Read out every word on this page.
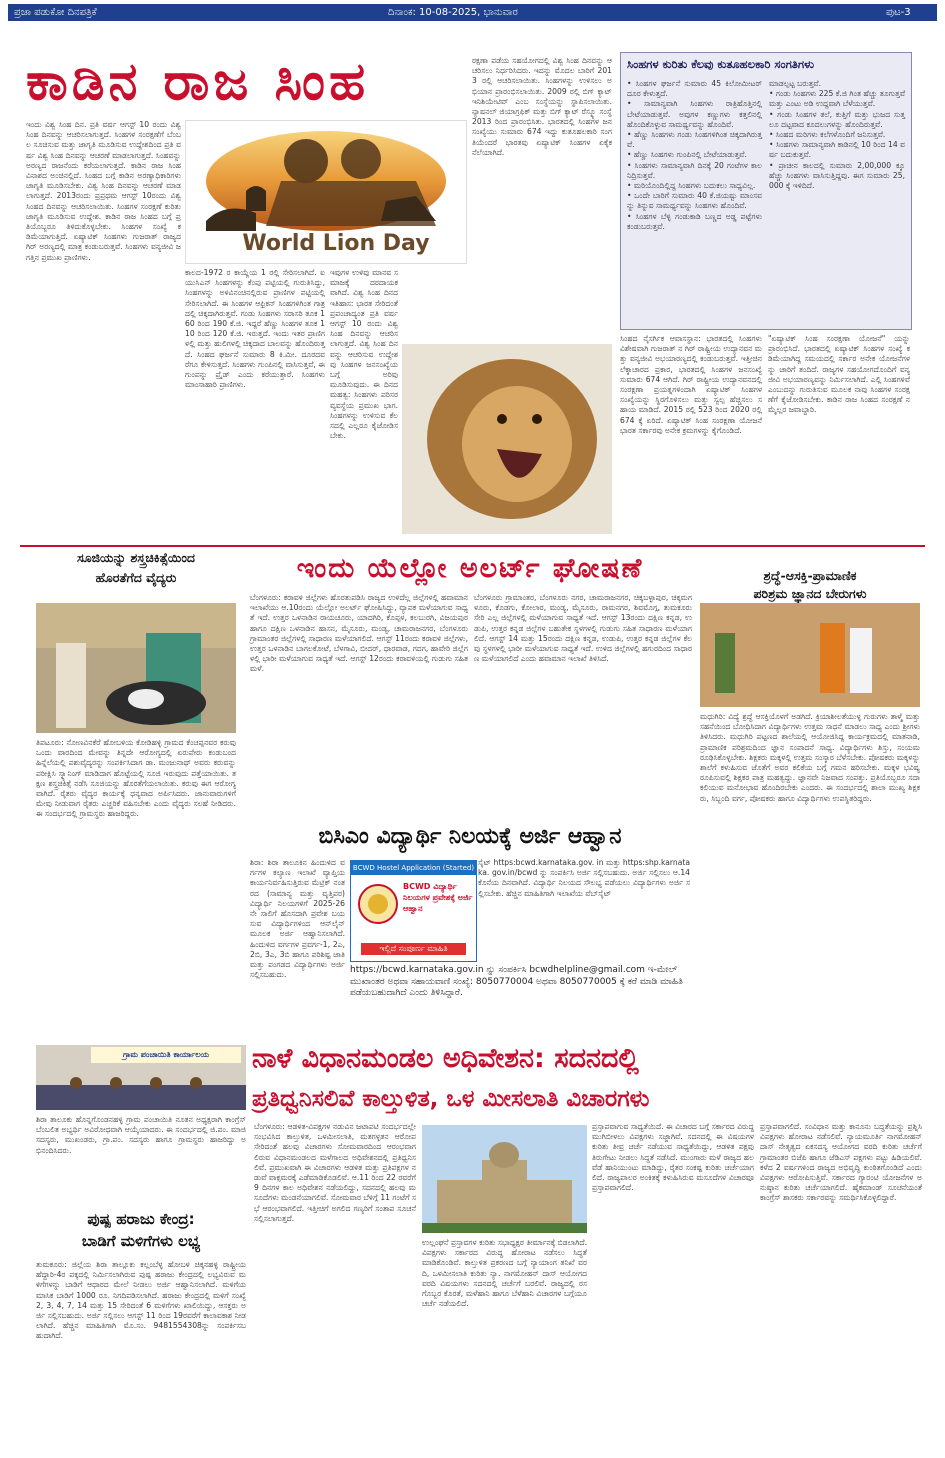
ಪ್ರಜಾ ಪಡುಕೋ ದಿನಪತ್ರಿಕೆ	ದಿನಾಂಕ: 10-08-2025, ಭಾನುವಾರ	ಪುಟ-3
ಕಾಡಿನ ರಾಜ ಸಿಂಹ
World Lion Day
ಇಂದು ವಿಶ್ವ ಸಿಂಹ ದಿನ. ಪ್ರತಿ ವರ್ಷ ಆಗಸ್ಟ್ 10 ರಂದು ವಿಶ್ವ ಸಿಂಹ ದಿನವನ್ನು ಆಚರಿಸಲಾಗುತ್ತದೆ. ಸಿಂಹಗಳ ಸಂರಕ್ಷಣೆಗೆ ಬೆಂಬಲ ಸೂಚಿಸುವ ಮತ್ತು ಜಾಗೃತಿ ಮೂಡಿಸುವ ಉದ್ದೇಶದಿಂದ ಪ್ರತಿ ವರ್ಷ ವಿಶ್ವ ಸಿಂಹ ದಿನವನ್ನು ಆಚರಣೆ ಮಾಡಲಾಗುತ್ತದೆ. ಸಿಂಹವನ್ನು ಅರಣ್ಯದ ರಾಜನೆಂದು ಕರೆಯಲಾಗುತ್ತದೆ. ಕಾಡಿನ ರಾಜ ಸಿಂಹ ವಿನಾಶದ ಅಂಚಿನಲ್ಲಿದೆ. ಸಿಂಹದ ಬಗ್ಗೆ ಕಾಡಿನ ಅರಣ್ಯಾಧಿಕಾರಿಗಳು ಜಾಗೃತಿ ಮೂಡಿಸಬೇಕು. ವಿಶ್ವ ಸಿಂಹ ದಿನವನ್ನು ಆಚರಣೆ ಮಾಡಲಾಗುತ್ತದೆ. 2013ರಂದು ಪ್ರಪ್ರಥಮ ಆಗಸ್ಟ್ 10ರಂದು ವಿಶ್ವ ಸಿಂಹದ ದಿನವನ್ನು ಆಚರಿಸಲಾಯಿತು. ಸಿಂಹಗಳ ಸಂರಕ್ಷಣೆ ಕುರಿತು ಜಾಗೃತಿ ಮೂಡಿಸುವ ಉದ್ದೇಶ. ಕಾಡಿನ ರಾಜ ಸಿಂಹದ ಬಗ್ಗೆ ಪ್ರತಿಯೊಬ್ಬರೂ ತಿಳಿದುಕೊಳ್ಳಬೇಕು. ಸಿಂಹಗಳ ಸಂಖ್ಯೆ ಕಡಿಮೆಯಾಗುತ್ತಿದೆ. ಏಷ್ಯಾಟಿಕ್ ಸಿಂಹಗಳು ಗುಜರಾತ್ ರಾಜ್ಯದ ಗಿರ್ ಅರಣ್ಯದಲ್ಲಿ ಮಾತ್ರ ಕಂಡುಬರುತ್ತವೆ. ಸಿಂಹಗಳು ವನ್ಯಜೀವಿ ಜಗತ್ತಿನ ಪ್ರಮುಖ ಪ್ರಾಣಿಗಳು.
ಕಾಲದ-1972 ರ ಕಾಯ್ದೆಯ 1 ರಲ್ಲಿ ಸೇರಿಸಲಾಗಿದೆ. ಐಯುಸಿಎನ್ ಸಿಂಹಗಳನ್ನು ಕೆಂಪು ಪಟ್ಟಿಯಲ್ಲಿ ಗುರುತಿಸಿದ್ದು, ಸಿಂಹಗಳನ್ನು ಅಳಿವಿನಂಚಿನಲ್ಲಿರುವ ಪ್ರಾಣಿಗಳ ಪಟ್ಟಿಯಲ್ಲಿ ಸೇರಿಸಲಾಗಿದೆ. ಈ ಸಿಂಹಗಳ ಆಫ್ರಿಕನ್ ಸಿಂಹಗಳಿಗಿಂತ ಗಾತ್ರದಲ್ಲಿ ಚಿಕ್ಕದಾಗಿರುತ್ತವೆ. ಗಂಡು ಸಿಂಹಗಳು ಸರಾಸರಿ ತೂಕ 160 ರಿಂದ 190 ಕೆ.ಜಿ. ಇದ್ದರೆ ಹೆಣ್ಣು ಸಿಂಹಗಳ ತೂಕ 110 ರಿಂದ 120 ಕೆ.ಜಿ. ಇರುತ್ತದೆ. ಇಂದು ಇತರ ಪ್ರಾಣಿಗಳಲ್ಲಿ ಮತ್ತು ಹುಲಿಗಳಲ್ಲಿ ಚಿಕ್ಕದಾದ ಬಾಲವನ್ನು ಹೊಂದಿರುತ್ತದೆ. ಸಿಂಹದ ಘರ್ಜನೆ ಸುಮಾರು 8 ಕಿ.ಮೀ. ದೂರದವರೆಗೂ ಕೇಳಿಸುತ್ತದೆ. ಸಿಂಹಗಳು ಗುಂಪಿನಲ್ಲಿ ವಾಸಿಸುತ್ತವೆ, ಈ ಗುಂಪನ್ನು ಪ್ರೈಡ್ ಎಂದು ಕರೆಯುತ್ತಾರೆ. ಸಿಂಹಗಳು ಮಾಂಸಾಹಾರಿ ಪ್ರಾಣಿಗಳು.
ಇವುಗಳ ಉಳಿವು ಮಾನವ ಸಮಾಜಕ್ಕೆ ದರದಾಯಕವಾಗಿದೆ. ವಿಶ್ವ ಸಿಂಹ ದಿನದ ಇತಿಹಾಸ: ಭಾರತ ಸೇರಿದಂತೆ ಪ್ರಪಂಚಾದ್ಯಂತ ಪ್ರತಿ ವರ್ಷ ಆಗಸ್ಟ್ 10 ರಂದು ವಿಶ್ವ ಸಿಂಹ ದಿನವನ್ನು ಆಚರಿಸಲಾಗುತ್ತದೆ. ವಿಶ್ವ ಸಿಂಹ ದಿನವನ್ನು ಆಚರಿಸುವ ಉದ್ದೇಶವು ಸಿಂಹಗಳ ಜನಸಂಖ್ಯೆಯ ಬಗ್ಗೆ ಅರಿವು ಮೂಡಿಸುವುದು. ಈ ದಿನದ ಮಹತ್ವ: ಸಿಂಹಗಳು ಪರಿಸರ ವ್ಯವಸ್ಥೆಯ ಪ್ರಮುಖ ಭಾಗ. ಸಿಂಹಗಳನ್ನು ಉಳಿಸುವ ಕೆಲಸದಲ್ಲಿ ಎಲ್ಲರೂ ಕೈಜೋಡಿಸಬೇಕು.
ರಕ್ಷಣಾ ಪಡೆಯ ಸಹಯೋಗದಲ್ಲಿ ವಿಶ್ವ ಸಿಂಹ ದಿನವನ್ನು ಆಚರಿಸಲು ನಿರ್ಧರಿಸಿದರು. ಇದನ್ನು ಮೊದಲ ಬಾರಿಗೆ 2013 ರಲ್ಲಿ ಆಚರಿಸಲಾಯಿತು. ಸಿಂಹಗಳನ್ನು ಉಳಿಸಲು ಅಭಿಯಾನ ಪ್ರಾರಂಭಿಸಲಾಯಿತು. 2009 ರಲ್ಲಿ ಬಿಗ್ ಕ್ಯಾಟ್ ಇನಿಶಿಯೇಟಿವ್ ಎಂಬ ಸಂಸ್ಥೆಯನ್ನು ಸ್ಥಾಪಿಸಲಾಯಿತು. ನ್ಯಾಷನಲ್ ಜಿಯಾಗ್ರಫಿಕ್ ಮತ್ತು ಬಿಗ್ ಕ್ಯಾಟ್ ರೆಸ್ಕ್ಯೂ ಸಂಸ್ಥೆ 2013 ರಿಂದ ಪ್ರಾರಂಭಿಸಿತು. ಭಾರತದಲ್ಲಿ ಸಿಂಹಗಳ ಜನಸಂಖ್ಯೆಯು ಸುಮಾರು 674 ಇದ್ದು ಕುತೂಹಲಕಾರಿ ಸಂಗತಿಯೆಂದರೆ ಭಾರತವು ಏಷ್ಯಾಟಿಕ್ ಸಿಂಹಗಳ ಏಕೈಕ ನೆಲೆಯಾಗಿದೆ.
ಸಿಂಹಗಳ ಕುರಿತು ಕೆಲವು ಕುತೂಹಲಕಾರಿ ಸಂಗತಿಗಳು
• ಸಿಂಹಗಳ ಘರ್ಜನೆ ಸುಮಾರು 45 ಕಿಲೋಮೀಟರ್ ದೂರ ಕೇಳುತ್ತದೆ.
• ಸಾಮಾನ್ಯವಾಗಿ ಸಿಂಹಗಳು ರಾತ್ರಿಹೊತ್ತಿನಲ್ಲಿ ಬೇಟೆಯಾಡುತ್ತವೆ. ಅವುಗಳ ಕಣ್ಣುಗಳು ಕತ್ತಲಿನಲ್ಲಿ ಹೊಂದಿಕೊಳ್ಳುವ ಸಾಮರ್ಥ್ಯವನ್ನು ಹೊಂದಿವೆ.
• ಹೆಣ್ಣು ಸಿಂಹಗಳು ಗಂಡು ಸಿಂಹಗಳಿಗಿಂತ ಚಿಕ್ಕದಾಗಿರುತ್ತವೆ.
• ಹೆಣ್ಣು ಸಿಂಹಗಳು ಗುಂಪಿನಲ್ಲಿ ಬೇಟೆಯಾಡುತ್ತವೆ.
• ಸಿಂಹಗಳು ಸಾಮಾನ್ಯವಾಗಿ ದಿನಕ್ಕೆ 20 ಗಂಟೆಗಳ ಕಾಲ ನಿದ್ರಿಸುತ್ತವೆ.
• ಮರಿಯೊಂದಿಲ್ಲಿದ್ದ ಸಿಂಹಗಳು ಬದುಕಲು ಸಾಧ್ಯವಿಲ್ಲ.
• ಒಂದೇ ಬಾರಿಗೆ ಸುಮಾರು 40 ಕೆ.ಜಿಯಷ್ಟು ಮಾಂಸವನ್ನು ತಿನ್ನುವ ಸಾಮರ್ಥ್ಯವನ್ನು ಸಿಂಹಗಳು ಹೊಂದಿವೆ.
• ಸಿಂಹಗಳ ಬೆಳ್ಳಿ ಗಂಡುಕಾಡಿ ಬಣ್ಣದ ಅಡ್ಡ ಪಟ್ಟೆಗಳು ಕಂಡುಬರುತ್ತವೆ.
ಮಾಡಲ್ಪಟ್ಟ ಬರುತ್ತವೆ.
• ಗಂಡು ಸಿಂಹಗಳು 225 ಕೆ.ಜಿ ಗಿಂತ ಹೆಚ್ಚು ತೂಗುತ್ತವೆ ಮತ್ತು ಎಂಟು ಅಡಿ ಉದ್ದವಾಗಿ ಬೆಳೆಯುತ್ತವೆ.
• ಗಂಡು ಸಿಂಹಗಳ ತಲೆ, ಕುತ್ತಿಗೆ ಮತ್ತು ಭುಜದ ಸುತ್ತಲೂ ದಟ್ಟವಾದ ಕೂದಲುಗಳನ್ನು ಹೊಂದಿರುತ್ತವೆ.
• ಸಿಂಹದ ಮರಿಗಳು ಕಲೆಗಳೊಂದಿಗೆ ಜನಿಸುತ್ತವೆ.
• ಸಿಂಹಗಳು ಸಾಮಾನ್ಯವಾಗಿ ಕಾಡಿನಲ್ಲಿ 10 ರಿಂದ 14 ವರ್ಷ ಬದುಕುತ್ತವೆ.
• ಪ್ರಾಚೀನ ಕಾಲದಲ್ಲಿ ಸುಮಾರು 2,00,000 ಕ್ಕೂ ಹೆಚ್ಚು ಸಿಂಹಗಳು ವಾಸಿಸುತ್ತಿದ್ದವು. ಈಗ ಸುಮಾರು 25,000 ಕ್ಕೆ ಇಳಿದಿದೆ.
ಸಿಂಹದ ನೈಸರ್ಗಿಕ ಆವಾಸಸ್ಥಾನ: ಭಾರತದಲ್ಲಿ ಸಿಂಹಗಳು ವಿಶೇಷವಾಗಿ ಗುಜರಾತ್ ನ ಗಿರ್ ರಾಷ್ಟ್ರೀಯ ಉದ್ಯಾನವನ ಮತ್ತು ವನ್ಯಜೀವಿ ಅಭಯಾರಣ್ಯದಲ್ಲಿ ಕಂಡುಬರುತ್ತವೆ. ಇತ್ತೀಚಿನ ಲೆಕ್ಕಾಚಾರದ ಪ್ರಕಾರ, ಭಾರತದಲ್ಲಿ ಸಿಂಹಗಳ ಜನಸಂಖ್ಯೆ ಸುಮಾರು 674 ಆಗಿದೆ. ಗಿರ್ ರಾಷ್ಟ್ರೀಯ ಉದ್ಯಾನವನದಲ್ಲಿ ಸಂರಕ್ಷಣಾ ಪ್ರಯತ್ನಗಳಿಂದಾಗಿ ಏಷ್ಯಾಟಿಕ್ ಸಿಂಹಗಳ ಸಂಖ್ಯೆಯನ್ನು ಸ್ಥಿರಗೊಳಿಸಲು ಮತ್ತು ಸ್ವಲ್ಪ ಹೆಚ್ಚಿಸಲು ಸಹಾಯ ಮಾಡಿದೆ. 2015 ರಲ್ಲಿ 523 ರಿಂದ 2020 ರಲ್ಲಿ 674 ಕ್ಕೆ ಏರಿದೆ. ಏಷ್ಯಾಟಿಕ್ ಸಿಂಹ ಸಂರಕ್ಷಣಾ ಯೋಜನೆ ಭಾರತ ಸರ್ಕಾರವು ಅನೇಕ ಕ್ರಮಗಳನ್ನು ಕೈಗೊಂಡಿದೆ.
"ಏಷ್ಯಾಟಿಕ್ ಸಿಂಹ ಸಂರಕ್ಷಣಾ ಯೋಜನೆ" ಯನ್ನು ಪ್ರಾರಂಭಿಸಿದೆ. ಭಾರತದಲ್ಲಿ ಏಷ್ಯಾಟಿಕ್ ಸಿಂಹಗಳ ಸಂಖ್ಯೆ ಕಡಿಮೆಯಾಗಿದ್ದ ಸಮಯದಲ್ಲಿ ಸರ್ಕಾರ ಅನೇಕ ಯೋಜನೆಗಳನ್ನು ಜಾರಿಗೆ ತಂದಿದೆ. ರಾಜ್ಯಗಳ ಸಹಯೋಗದೊಂದಿಗೆ ವನ್ಯಜೀವಿ ಅಭಯಾರಣ್ಯವನ್ನು ನಿರ್ಮಿಸಲಾಗಿದೆ. ಎಲ್ಲಿ ಸಿಂಹಗಳಿವೆ ಎಂಬುದನ್ನು ಗುರುತಿಸುವ ಮೂಲಕ ನಾವು ಸಿಂಹಗಳ ಸಂರಕ್ಷಣೆಗೆ ಕೈಜೋಡಿಸಬೇಕು. ಕಾಡಿನ ರಾಜ ಸಿಂಹದ ಸಂರಕ್ಷಣೆ ನಮ್ಮೆಲ್ಲರ ಜವಾಬ್ದಾರಿ.
ಸೂಜಿಯನ್ನು ಶಸ್ತ್ರಚಿಕಿತ್ಸೆಯಿಂದ
ಹೊರತೆಗೆದ ವೈದ್ಯರು
ತಿಪಟೂರು: ನೋಣವಿನಕೆರೆ ಹೋಬಳಿಯ ಕೋಡಿಹಳ್ಳಿ ಗ್ರಾಮದ ಕೆಂಚಪ್ಪನವರ ಕರುವು ಒಂದು ವಾರದಿಂದ ಮೇವನ್ನು ತಿನ್ನದೇ ಆರೋಗ್ಯದಲ್ಲಿ ಏರುಪೇರು ಕಂಡುಬಂದ ಹಿನ್ನೆಲೆಯಲ್ಲಿ ಪಶುವೈದ್ಯರನ್ನು ಸಂಪರ್ಕಿಸಿದಾಗ ಡಾ. ಮಂಜುನಾಥ್ ಅವರು ಕರುವನ್ನು ಪರೀಕ್ಷಿಸಿ ಸ್ಕ್ಯಾನಿಂಗ್ ಮಾಡಿದಾಗ ಹೊಟ್ಟೆಯಲ್ಲಿ ಸೂಜಿ ಇರುವುದು ಪತ್ತೆಯಾಯಿತು. ತಕ್ಷಣ ಶಸ್ತ್ರಚಿಕಿತ್ಸೆ ನಡೆಸಿ ಸೂಜಿಯನ್ನು ಹೊರತೆಗೆಯಲಾಯಿತು. ಕರುವು ಈಗ ಆರೋಗ್ಯವಾಗಿದೆ. ರೈತರು ವೈದ್ಯರ ಕಾರ್ಯಕ್ಕೆ ಧನ್ಯವಾದ ಅರ್ಪಿಸಿದರು. ಜಾನುವಾರುಗಳಿಗೆ ಮೇವು ನೀಡುವಾಗ ರೈತರು ಎಚ್ಚರಿಕೆ ವಹಿಸಬೇಕು ಎಂದು ವೈದ್ಯರು ಸಲಹೆ ನೀಡಿದರು. ಈ ಸಂದರ್ಭದಲ್ಲಿ ಗ್ರಾಮಸ್ಥರು ಹಾಜರಿದ್ದರು.
ಇಂದು ಯೆಲ್ಲೋ ಅಲರ್ಟ್ ಘೋಷಣೆ
ಬೆಂಗಳೂರು: ಕರಾವಳಿ ಜಿಲ್ಲೆಗಳು ಹೊರತುಪಡಿಸಿ ರಾಜ್ಯದ ಉಳಿದೆಲ್ಲ ಜಿಲ್ಲೆಗಳಲ್ಲಿ ಹವಾಮಾನ ಇಲಾಖೆಯು ಆ.10ರಂದು ಯೆಲ್ಲೋ ಅಲರ್ಟ್ ಘೋಷಿಸಿದ್ದು, ವ್ಯಾಪಕ ಮಳೆಯಾಗುವ ಸಾಧ್ಯತೆ ಇದೆ. ಉತ್ತರ ಒಳನಾಡಿನ ರಾಯಚೂರು, ಯಾದಗಿರಿ, ಕೊಪ್ಪಳ, ಕಲಬುರಗಿ, ವಿಜಯಪುರ ಹಾಗೂ ದಕ್ಷಿಣ ಒಳನಾಡಿನ ಹಾಸನ, ಮೈಸೂರು, ಮಂಡ್ಯ, ಚಾಮರಾಜನಗರ, ಬೆಂಗಳೂರು ಗ್ರಾಮಾಂತರ ಜಿಲ್ಲೆಗಳಲ್ಲಿ ಸಾಧಾರಣ ಮಳೆಯಾಗಲಿದೆ. ಆಗಸ್ಟ್ 11ರಂದು ಕರಾವಳಿ ಜಿಲ್ಲೆಗಳು, ಉತ್ತರ ಒಳನಾಡಿನ ಬಾಗಲಕೋಟೆ, ಬೆಳಗಾವಿ, ಬೀದರ್, ಧಾರವಾಡ, ಗದಗ, ಹಾವೇರಿ ಜಿಲ್ಲೆಗಳಲ್ಲಿ ಭಾರೀ ಮಳೆಯಾಗುವ ಸಾಧ್ಯತೆ ಇದೆ. ಆಗಸ್ಟ್ 12ರಂದು ಕರಾವಳಿಯಲ್ಲಿ ಗುಡುಗು ಸಹಿತ ಮಳೆ.
ಬೆಂಗಳೂರು ಗ್ರಾಮಾಂತರ, ಬೆಂಗಳೂರು ನಗರ, ಚಾಮರಾಜನಗರ, ಚಿಕ್ಕಬಳ್ಳಾಪುರ, ಚಿಕ್ಕಮಗಳೂರು, ಕೊಡಗು, ಕೋಲಾರ, ಮಂಡ್ಯ, ಮೈಸೂರು, ರಾಮನಗರ, ಶಿವಮೊಗ್ಗ, ತುಮಕೂರು ಸೇರಿ ಎಲ್ಲ ಜಿಲ್ಲೆಗಳಲ್ಲಿ ಮಳೆಯಾಗುವ ಸಾಧ್ಯತೆ ಇದೆ. ಆಗಸ್ಟ್ 13ರಂದು ದಕ್ಷಿಣ ಕನ್ನಡ, ಉಡುಪಿ, ಉತ್ತರ ಕನ್ನಡ ಜಿಲ್ಲೆಗಳ ಬಹುತೇಕ ಸ್ಥಳಗಳಲ್ಲಿ ಗುಡುಗು ಸಹಿತ ಸಾಧಾರಣ ಮಳೆಯಾಗಲಿದೆ. ಆಗಸ್ಟ್ 14 ಮತ್ತು 15ರಂದು ದಕ್ಷಿಣ ಕನ್ನಡ, ಉಡುಪಿ, ಉತ್ತರ ಕನ್ನಡ ಜಿಲ್ಲೆಗಳ ಕೆಲವು ಸ್ಥಳಗಳಲ್ಲಿ ಭಾರೀ ಮಳೆಯಾಗುವ ಸಾಧ್ಯತೆ ಇದೆ. ಉಳಿದ ಜಿಲ್ಲೆಗಳಲ್ಲಿ ಹಗುರದಿಂದ ಸಾಧಾರಣ ಮಳೆಯಾಗಲಿದೆ ಎಂದು ಹವಾಮಾನ ಇಲಾಖೆ ತಿಳಿಸಿದೆ.
ಬಿಸಿಎಂ ವಿದ್ಯಾರ್ಥಿ ನಿಲಯಕ್ಕೆ ಅರ್ಜಿ ಆಹ್ವಾನ
ಶಿರಾ: ಶಿರಾ ತಾಲೂಕಿನ ಹಿಂದುಳಿದ ವರ್ಗಗಳ ಕಲ್ಯಾಣ ಇಲಾಖೆ ವ್ಯಾಪ್ತಿಯ ಕಾರ್ಯನಿರ್ವಹಿಸುತ್ತಿರುವ ಮೆಟ್ರಿಕ್ ನಂತರದ (ಸಾಮಾನ್ಯ ಮತ್ತು ವೃತ್ತಿಪರ) ವಿದ್ಯಾರ್ಥಿ ನಿಲಯಗಳಿಗೆ 2025-26ನೇ ಸಾಲಿಗೆ ಹೊಸದಾಗಿ ಪ್ರವೇಶ ಬಯಸುವ ವಿದ್ಯಾರ್ಥಿಗಳಿಂದ ಆನ್‌ಲೈನ್ ಮೂಲಕ ಅರ್ಜಿ ಆಹ್ವಾನಿಸಲಾಗಿದೆ. ಹಿಂದುಳಿದ ವರ್ಗಗಳ ಪ್ರವರ್ಗ-1, 2ಎ, 2ಬಿ, 3ಎ, 3ಬಿ ಹಾಗೂ ಪರಿಶಿಷ್ಟ ಜಾತಿ ಮತ್ತು ಪಂಗಡದ ವಿದ್ಯಾರ್ಥಿಗಳು ಅರ್ಜಿ ಸಲ್ಲಿಸಬಹುದು.
BCWD Hostel Application (Started)
BCWD ವಿದ್ಯಾರ್ಥಿ ನಿಲಯಗಳ ಪ್ರವೇಶಕ್ಕೆ ಅರ್ಜಿ ಆಹ್ವಾನ
ಇಲ್ಲಿದೆ ಸಂಪೂರ್ಣ ಮಾಹಿತಿ
ಸೈಟ್ https:bcwd.karnataka.gov. in ಮತ್ತು https:shp.karnataka. gov.in/bcwd ನ್ನು ಸಂಪರ್ಕಿಸಿ ಅರ್ಜಿ ಸಲ್ಲಿಸಬಹುದು. ಅರ್ಜಿ ಸಲ್ಲಿಸಲು ಆ.14 ಕೊನೆಯ ದಿನವಾಗಿದೆ. ವಿದ್ಯಾರ್ಥಿ ನಿಲಯದ ಸೌಲಭ್ಯ ಪಡೆಯಲು ವಿದ್ಯಾರ್ಥಿಗಳು ಅರ್ಜಿ ಸಲ್ಲಿಸಬೇಕು. ಹೆಚ್ಚಿನ ಮಾಹಿತಿಗಾಗಿ ಇಲಾಖೆಯ ವೆಬ್‌ಸೈಟ್
https://bcwd.karnataka.gov.in ನ್ನು ಸಂಪರ್ಕಿಸಿ bcwdhelpline@gmail.com ಇ-ಮೇಲ್ ಮುಖಾಂತರ ಅಥವಾ ಸಹಾಯವಾಣಿ ಸಂಖ್ಯೆ: 8050770004 ಅಥವಾ 8050770005 ಕ್ಕೆ ಕರೆ ಮಾಡಿ ಮಾಹಿತಿ ಪಡೆಯಬಹುದಾಗಿದೆ ಎಂದು ತಿಳಿಸಿದ್ದಾರೆ.
ಶ್ರದ್ಧೆ-ಆಸಕ್ತಿ-ಪ್ರಾಮಾಣಿಕ
ಪರಿಶ್ರಮ ಜ್ಞಾನದ ಬೇರುಗಳು
ಮಧುಗಿರಿ: ವಿದ್ಯೆ ಶ್ರದ್ಧೆ ಆಸಕ್ತಿಯೊಳಗೆ ಅಡಗಿದೆ. ಕ್ರಿಯಾಶೀಲತೆಯುಳ್ಳ ಗುರುಗಳು ತಾಳ್ಮೆ ಮತ್ತು ಸಹನೆಯಿಂದ ಬೋಧಿಸಿದಾಗ ವಿದ್ಯಾರ್ಥಿಗಳು ಉತ್ತಮ ಸಾಧನೆ ಮಾಡಲು ಸಾಧ್ಯ ಎಂದು ಶ್ರೀಗಳು ತಿಳಿಸಿದರು. ಮಧುಗಿರಿ ಪಟ್ಟಣದ ಶಾಲೆಯಲ್ಲಿ ಆಯೋಜಿಸಿದ್ದ ಕಾರ್ಯಕ್ರಮದಲ್ಲಿ ಮಾತನಾಡಿ, ಪ್ರಾಮಾಣಿಕ ಪರಿಶ್ರಮದಿಂದ ಜ್ಞಾನ ಸಂಪಾದನೆ ಸಾಧ್ಯ. ವಿದ್ಯಾರ್ಥಿಗಳು ಶಿಸ್ತು, ಸಂಯಮ ರೂಢಿಸಿಕೊಳ್ಳಬೇಕು. ಶಿಕ್ಷಕರು ಮಕ್ಕಳಲ್ಲಿ ಉತ್ತಮ ಸಂಸ್ಕಾರ ಬೆಳೆಸಬೇಕು. ಪೋಷಕರು ಮಕ್ಕಳನ್ನು ಶಾಲೆಗೆ ಕಳುಹಿಸುವ ಜೊತೆಗೆ ಅವರ ಕಲಿಕೆಯ ಬಗ್ಗೆ ಗಮನ ಹರಿಸಬೇಕು. ಮಕ್ಕಳ ಭವಿಷ್ಯ ರೂಪಿಸುವಲ್ಲಿ ಶಿಕ್ಷಕರ ಪಾತ್ರ ಮಹತ್ವದ್ದು. ಜ್ಞಾನವೇ ನಿಜವಾದ ಸಂಪತ್ತು. ಪ್ರತಿಯೊಬ್ಬರೂ ಸದಾ ಕಲಿಯುವ ಮನೋಭಾವ ಹೊಂದಿರಬೇಕು ಎಂದರು. ಈ ಸಂದರ್ಭದಲ್ಲಿ ಶಾಲಾ ಮುಖ್ಯ ಶಿಕ್ಷಕರು, ಸಿಬ್ಬಂದಿ ವರ್ಗ, ಪೋಷಕರು ಹಾಗೂ ವಿದ್ಯಾರ್ಥಿಗಳು ಉಪಸ್ಥಿತರಿದ್ದರು.
ಗ್ರಾಮ ಪಂಚಾಯಿತಿ ಕಾರ್ಯಾಲಯ
ಶಿರಾ ತಾಲೂಕು ಹೊನ್ನಗೊಂಡನಹಳ್ಳಿ ಗ್ರಾಮ ಪಂಚಾಯಿತಿ ನೂತನ ಅಧ್ಯಕ್ಷರಾಗಿ ಕಾಂಗ್ರೆಸ್ ಬೆಂಬಲಿತ ಅಭ್ಯರ್ಥಿ ಅವಿರೋಧವಾಗಿ ಆಯ್ಕೆಯಾದರು. ಈ ಸಂದರ್ಭದಲ್ಲಿ ಜಿ.ಪಂ. ಮಾಜಿ ಸದಸ್ಯರು, ಮುಖಂಡರು, ಗ್ರಾ.ಪಂ. ಸದಸ್ಯರು ಹಾಗೂ ಗ್ರಾಮಸ್ಥರು ಹಾಜರಿದ್ದು ಅಭಿನಂದಿಸಿದರು.
ಪುಷ್ಪ ಹರಾಜು ಕೇಂದ್ರ:
ಬಾಡಿಗೆ ಮಳಿಗೆಗಳು ಲಭ್ಯ
ತುಮಕೂರು: ಜಿಲ್ಲೆಯ ಶಿರಾ ತಾಲ್ಲೂಕು ಕಲ್ಲಂಬೆಳ್ಳ ಹೋಬಳಿ ಚಿಕ್ಕನಹಳ್ಳಿ ರಾಷ್ಟ್ರೀಯ ಹೆದ್ದಾರಿ-4ರ ಪಕ್ಕದಲ್ಲಿ ನಿರ್ಮಿಸಲಾಗಿರುವ ಪುಷ್ಪ ಹರಾಜು ಕೇಂದ್ರದಲ್ಲಿ ಲಭ್ಯವಿರುವ ಮಳಿಗೆಗಳನ್ನು ಬಾಡಿಗೆ ಆಧಾರದ ಮೇಲೆ ನೀಡಲು ಅರ್ಜಿ ಆಹ್ವಾನಿಸಲಾಗಿದೆ. ಮಳಿಗೆಯ ಮಾಸಿಕ ಬಾಡಿಗೆ 1000 ರೂ. ನಿಗದಿಪಡಿಸಲಾಗಿದೆ. ಹರಾಜು ಕೇಂದ್ರದಲ್ಲಿ ಮಳಿಗೆ ಸಂಖ್ಯೆ 2, 3, 4, 7, 14 ಮತ್ತು 15 ಸೇರಿದಂತೆ 6 ಮಳಿಗೆಗಳು ಖಾಲಿಯಿದ್ದು, ಆಸಕ್ತರು ಅರ್ಜಿ ಸಲ್ಲಿಸಬಹುದು. ಅರ್ಜಿ ಸಲ್ಲಿಸಲು ಆಗಸ್ಟ್ 11 ರಿಂದ 19ರವರೆಗೆ ಕಾಲಾವಕಾಶ ನೀಡಲಾಗಿದೆ. ಹೆಚ್ಚಿನ ಮಾಹಿತಿಗಾಗಿ ಮೊ.ಸಂ. 9481554308ನ್ನು ಸಂಪರ್ಕಿಸಬಹುದಾಗಿದೆ.
ನಾಳೆ ವಿಧಾನಮಂಡಲ ಅಧಿವೇಶನ: ಸದನದಲ್ಲಿ
ಪ್ರತಿಧ್ವನಿಸಲಿವೆ ಕಾಲ್ತುಳಿತ, ಒಳ ಮೀಸಲಾತಿ ವಿಚಾರಗಳು
ಬೆಂಗಳೂರು: ಆಡಳಿತ-ವಿಪಕ್ಷಗಳ ನಡುವಿನ ಜಟಾಪಟಿ ಸಂದರ್ಭದಲ್ಲೇ ಸಂಭವಿಸಿದ ಕಾಲ್ತುಳಿತ, ಒಳಮೀಸಲಾತಿ, ಮತಗಳ್ಳತನ ಆರೋಪ ಸೇರಿದಂತೆ ಹಲವು ವಿಚಾರಗಳು ಸೋಮವಾರದಿಂದ ಆರಂಭವಾಗಲಿರುವ ವಿಧಾನಮಂಡಲದ ಮಳೆಗಾಲದ ಅಧಿವೇಶನದಲ್ಲಿ ಪ್ರತಿಧ್ವನಿಸಲಿವೆ. ಪ್ರಮುಖವಾಗಿ ಈ ವಿಚಾರಗಳು ಆಡಳಿತ ಮತ್ತು ಪ್ರತಿಪಕ್ಷಗಳ ನಡುವೆ ವಾಕ್ಸಮರಕ್ಕೆ ಎಡೆಮಾಡಿಕೊಡಲಿವೆ. ಆ.11 ರಿಂದ 22 ರವರೆಗೆ 9 ದಿನಗಳ ಕಾಲ ಅಧಿವೇಶನ ನಡೆಯಲಿದ್ದು, ಸದನದಲ್ಲಿ ಹಲವು ಮಸೂದೆಗಳು ಮಂಡನೆಯಾಗಲಿವೆ. ಸೋಮವಾರ ಬೆಳಿಗ್ಗೆ 11 ಗಂಟೆಗೆ ಸಭೆ ಆರಂಭವಾಗಲಿದೆ. ಇತ್ತೀಚಿಗೆ ಅಗಲಿದ ಗಣ್ಯರಿಗೆ ಸಂತಾಪ ಸೂಚನೆ ಸಲ್ಲಿಸಲಾಗುತ್ತದೆ.
ಉಲ್ಲಂಘನೆ ಪ್ರಸ್ತಾವಗಳ ಕುರಿತು ಸಭಾಧ್ಯಕ್ಷರ ತೀರ್ಮಾನಕ್ಕೆ ಬಿಡಲಾಗಿದೆ. ವಿಪಕ್ಷಗಳು ಸರ್ಕಾರದ ವಿರುದ್ಧ ಹೋರಾಟ ನಡೆಸಲು ಸಿದ್ಧತೆ ಮಾಡಿಕೊಂಡಿವೆ. ಕಾಲ್ತುಳಿತ ಪ್ರಕರಣದ ಬಗ್ಗೆ ನ್ಯಾಯಾಂಗ ತನಿಖೆ ವರದಿ, ಒಳಮೀಸಲಾತಿ ಕುರಿತು ನ್ಯಾ. ನಾಗಮೋಹನ್ ದಾಸ್ ಆಯೋಗದ ವರದಿ ವಿಷಯಗಳು ಸದನದಲ್ಲಿ ಚರ್ಚೆಗೆ ಬರಲಿವೆ. ರಾಜ್ಯದಲ್ಲಿ ರಸಗೊಬ್ಬರ ಕೊರತೆ, ಮಳೆಹಾನಿ ಹಾಗೂ ಬೆಳೆಹಾನಿ ವಿಚಾರಗಳ ಬಗ್ಗೆಯೂ ಚರ್ಚೆ ನಡೆಯಲಿದೆ.
ಪ್ರಸ್ತಾಪವಾಗುವ ಸಾಧ್ಯತೆಯಿದೆ. ಈ ವಿಚಾರದ ಬಗ್ಗೆ ಸರ್ಕಾರದ ವಿರುದ್ಧ ಮುಗಿಬೀಳಲು ವಿಪಕ್ಷಗಳು ಸಜ್ಜಾಗಿವೆ. ಸದನದಲ್ಲಿ ಈ ವಿಷಯಗಳ ಕುರಿತು ತೀವ್ರ ಚರ್ಚೆ ನಡೆಯುವ ಸಾಧ್ಯತೆಯಿದ್ದು, ಆಡಳಿತ ಪಕ್ಷವು ತಿರುಗೇಟು ನೀಡಲು ಸಿದ್ಧತೆ ನಡೆಸಿದೆ. ಮುಂಗಾರು ಮಳೆ ರಾಜ್ಯದ ಹಲವೆಡೆ ಹಾನಿಯುಂಟು ಮಾಡಿದ್ದು, ರೈತರ ಸಂಕಷ್ಟ ಕುರಿತು ಚರ್ಚೆಯಾಗಲಿದೆ. ರಾಜ್ಯಪಾಲರ ಅಂಕಿತಕ್ಕೆ ಕಳುಹಿಸಿರುವ ಮಸೂದೆಗಳ ವಿಚಾರವೂ ಪ್ರಸ್ತಾಪವಾಗಲಿದೆ.
ಪ್ರಸ್ತಾಪವಾಗಲಿದೆ. ಸಂವಿಧಾನ ಮತ್ತು ಕಾನೂನು ಬದ್ಧತೆಯನ್ನು ಪ್ರಶ್ನಿಸಿ ವಿಪಕ್ಷಗಳು ಹೋರಾಟ ನಡೆಸಲಿವೆ. ನ್ಯಾಯಮೂರ್ತಿ ನಾಗಮೋಹನ್ ದಾಸ್ ನೇತೃತ್ವದ ಏಕಸದಸ್ಯ ಆಯೋಗದ ವರದಿ ಕುರಿತು ಚರ್ಚೆಗೆ ಗ್ರಾಮಾಂತರ ಬಿಜೆಪಿ ಹಾಗೂ ಜೆಡಿಎಸ್ ಪಕ್ಷಗಳು ಪಟ್ಟು ಹಿಡಿಯಲಿವೆ. ಕಳೆದ 2 ವರ್ಷಗಳಿಂದ ರಾಜ್ಯದ ಅಭಿವೃದ್ಧಿ ಕುಂಠಿತಗೊಂಡಿದೆ ಎಂದು ವಿಪಕ್ಷಗಳು ಆರೋಪಿಸುತ್ತಿವೆ. ಸರ್ಕಾರದ ಗ್ಯಾರಂಟಿ ಯೋಜನೆಗಳ ಅನುಷ್ಠಾನ ಕುರಿತು ಚರ್ಚೆಯಾಗಲಿದೆ. ಹೈಕಮಾಂಡ್ ಸೂಚನೆಯಂತೆ ಕಾಂಗ್ರೆಸ್ ಶಾಸಕರು ಸರ್ಕಾರವನ್ನು ಸಮರ್ಥಿಸಿಕೊಳ್ಳಲಿದ್ದಾರೆ.
